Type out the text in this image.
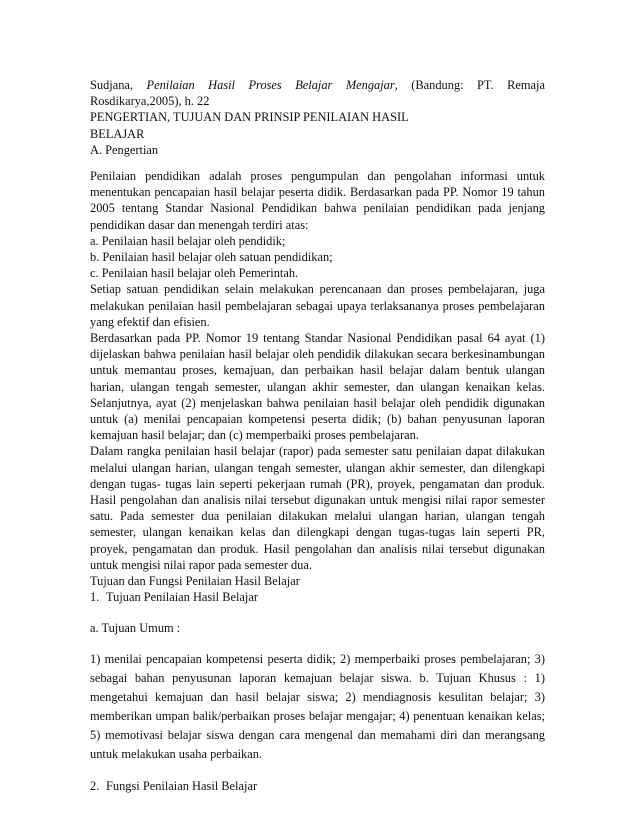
Sudjana, Penilaian Hasil Proses Belajar Mengajar, (Bandung: PT. Remaja Rosdikarya,2005), h. 22

PENGERTIAN, TUJUAN DAN PRINSIP PENILAIAN HASIL BELAJAR

A. Pengertian

Penilaian pendidikan adalah proses pengumpulan dan pengolahan informasi untuk menentukan pencapaian hasil belajar peserta didik. Berdasarkan pada PP. Nomor 19 tahun 2005 tentang Standar Nasional Pendidikan bahwa penilaian pendidikan pada jenjang pendidikan dasar dan menengah terdiri atas:

a. Penilaian hasil belajar oleh pendidik;

b. Penilaian hasil belajar oleh satuan pendidikan;

c. Penilaian hasil belajar oleh Pemerintah.

Setiap satuan pendidikan selain melakukan perencanaan dan proses pembelajaran, juga melakukan penilaian hasil pembelajaran sebagai upaya terlaksananya proses pembelajaran yang efektif dan efisien.

Berdasarkan pada PP. Nomor 19 tentang Standar Nasional Pendidikan pasal 64 ayat (1) dijelaskan bahwa penilaian hasil belajar oleh pendidik dilakukan secara berkesinambungan untuk memantau proses, kemajuan, dan perbaikan hasil belajar dalam bentuk ulangan harian, ulangan tengah semester, ulangan akhir semester, dan ulangan kenaikan kelas. Selanjutnya, ayat (2) menjelaskan bahwa penilaian hasil belajar oleh pendidik digunakan untuk (a) menilai pencapaian kompetensi peserta didik; (b) bahan penyusunan laporan kemajuan hasil belajar; dan (c) memperbaiki proses pembelajaran.

Dalam rangka penilaian hasil belajar (rapor) pada semester satu penilaian dapat dilakukan melalui ulangan harian, ulangan tengah semester, ulangan akhir semester, dan dilengkapi dengan tugas- tugas lain seperti pekerjaan rumah (PR), proyek, pengamatan dan produk. Hasil pengolahan dan analisis nilai tersebut digunakan untuk mengisi nilai rapor semester satu. Pada semester dua penilaian dilakukan melalui ulangan harian, ulangan tengah semester, ulangan kenaikan kelas dan dilengkapi dengan tugas-tugas lain seperti PR, proyek, pengamatan dan produk. Hasil pengolahan dan analisis nilai tersebut digunakan untuk mengisi nilai rapor pada semester dua.

Tujuan dan Fungsi Penilaian Hasil Belajar

1. Tujuan Penilaian Hasil Belajar

a. Tujuan Umum :

1) menilai pencapaian kompetensi peserta didik; 2) memperbaiki proses pembelajaran; 3) sebagai bahan penyusunan laporan kemajuan belajar siswa. b. Tujuan Khusus : 1) mengetahui kemajuan dan hasil belajar siswa; 2) mendiagnosis kesulitan belajar; 3) memberikan umpan balik/perbaikan proses belajar mengajar; 4) penentuan kenaikan kelas; 5) memotivasi belajar siswa dengan cara mengenal dan memahami diri dan merangsang untuk melakukan usaha perbaikan.

2. Fungsi Penilaian Hasil Belajar
